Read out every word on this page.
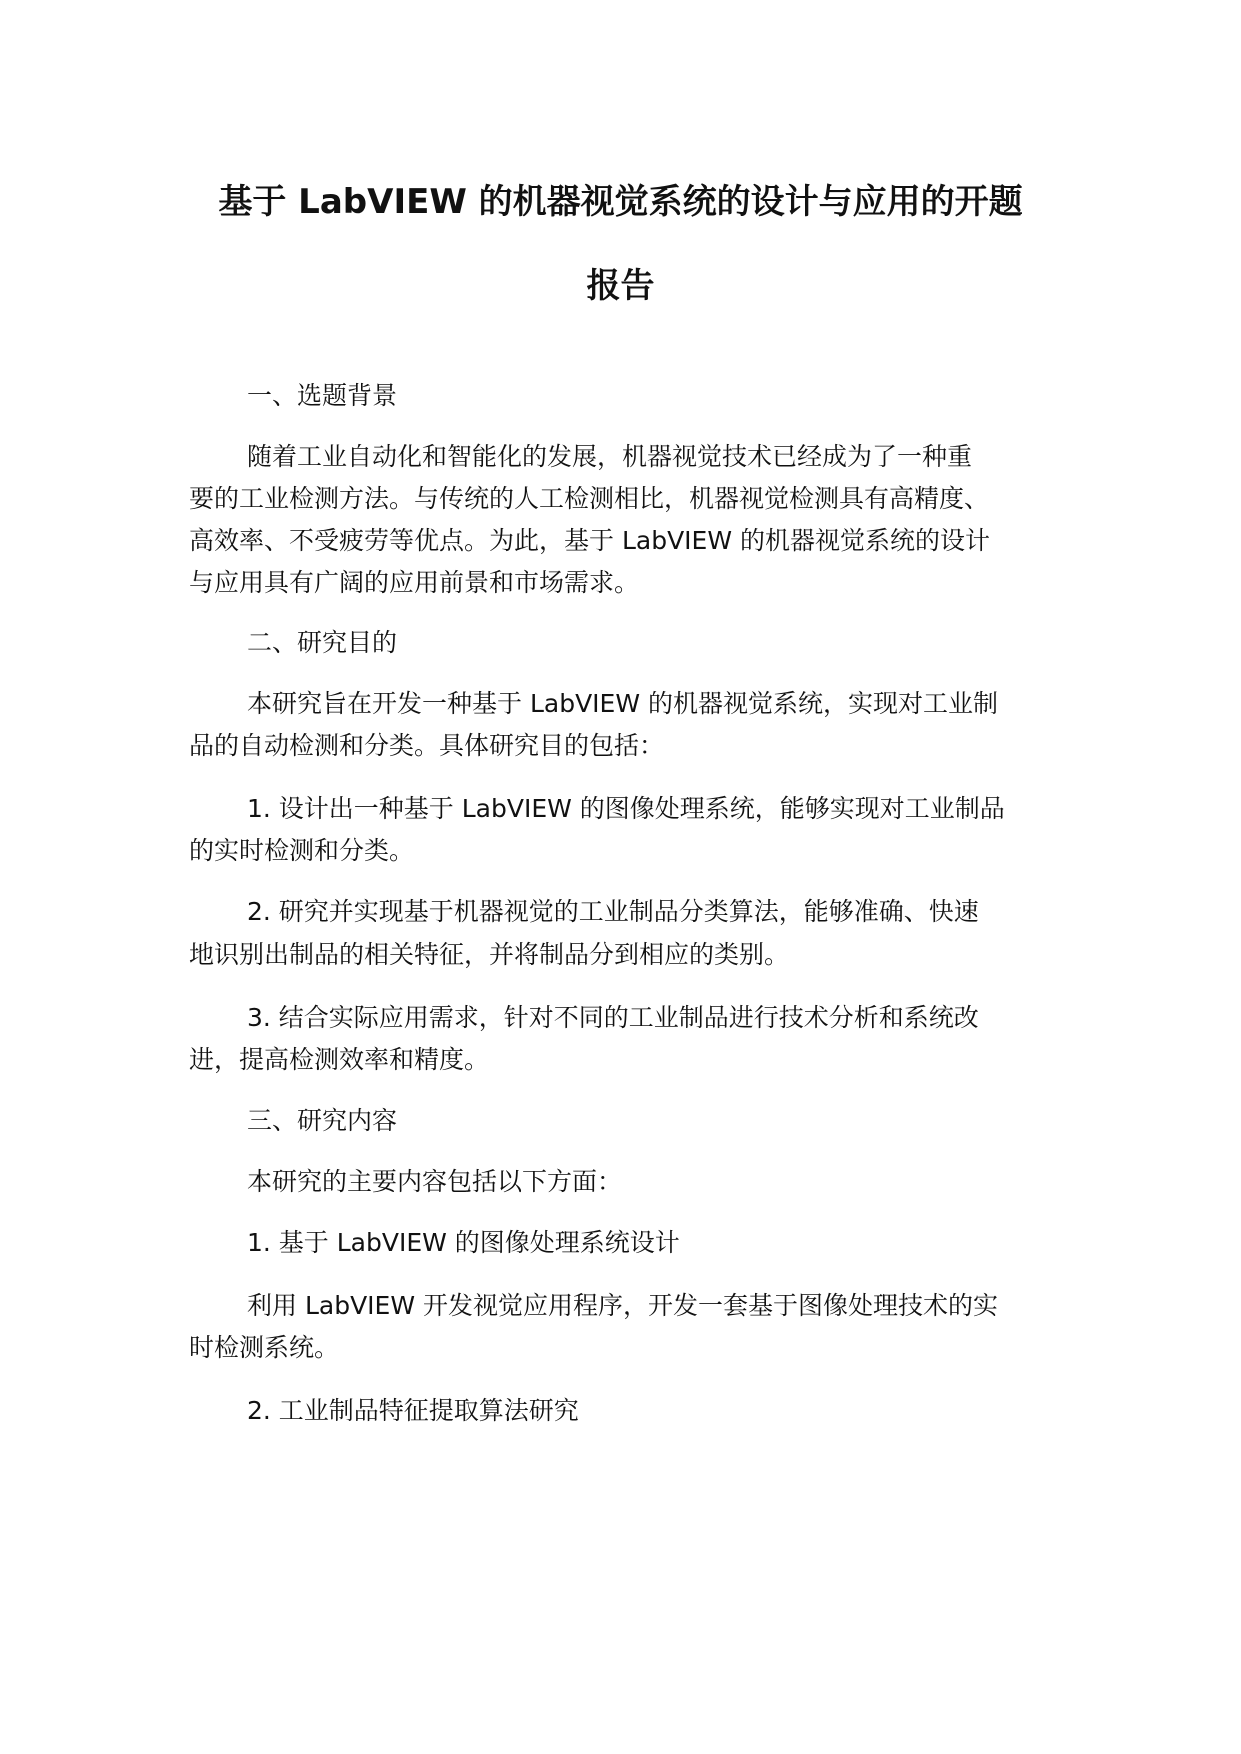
基于 LabVIEW 的机器视觉系统的设计与应用的开题
报告

一、选题背景

随着工业自动化和智能化的发展，机器视觉技术已经成为了一种重

要的工业检测方法。与传统的人工检测相比，机器视觉检测具有高精度、

高效率、不受疲劳等优点。为此，基于 LabVIEW 的机器视觉系统的设计

与应用具有广阔的应用前景和市场需求。

二、研究目的

本研究旨在开发一种基于 LabVIEW 的机器视觉系统，实现对工业制

品的自动检测和分类。具体研究目的包括：

1. 设计出一种基于 LabVIEW 的图像处理系统，能够实现对工业制品

的实时检测和分类。

2. 研究并实现基于机器视觉的工业制品分类算法，能够准确、快速

地识别出制品的相关特征，并将制品分到相应的类别。

3. 结合实际应用需求，针对不同的工业制品进行技术分析和系统改

进，提高检测效率和精度。

三、研究内容

本研究的主要内容包括以下方面：

1. 基于 LabVIEW 的图像处理系统设计

利用 LabVIEW 开发视觉应用程序，开发一套基于图像处理技术的实

时检测系统。

2. 工业制品特征提取算法研究
